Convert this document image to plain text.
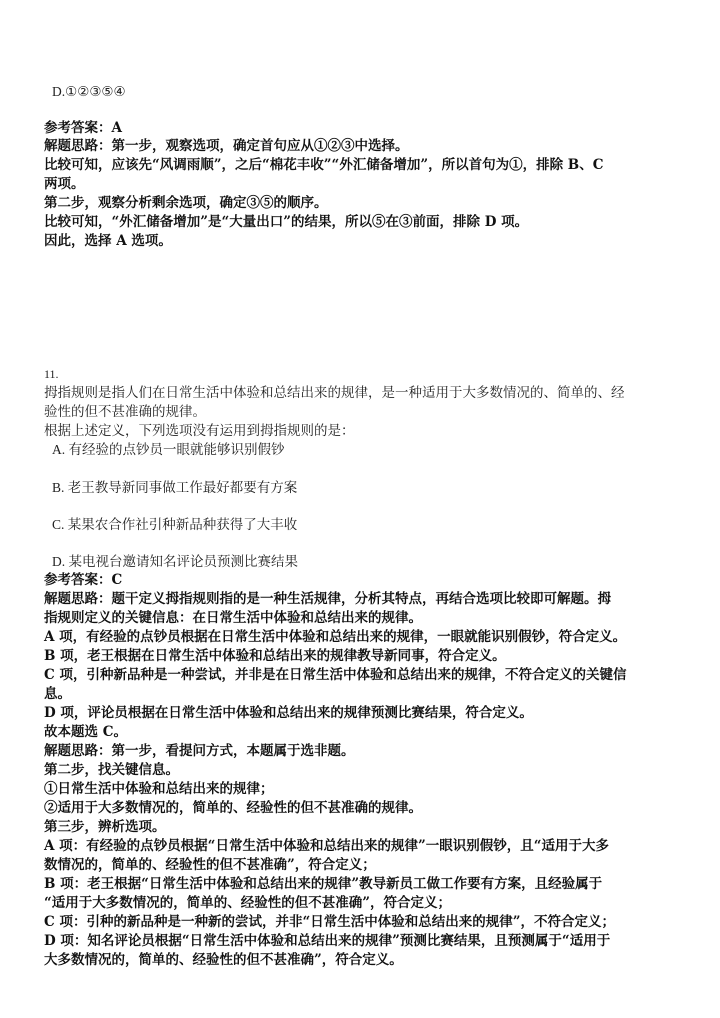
D.①②③⑤④
参考答案：A
解题思路：第一步，观察选项，确定首句应从①②③中选择。
比较可知，应该先“风调雨顺”，之后“棉花丰收”“外汇储备增加”，所以首句为①，排除 B、C
两项。
第二步，观察分析剩余选项，确定③⑤的顺序。
比较可知，“外汇储备增加”是“大量出口”的结果，所以⑤在③前面，排除 D 项。
因此，选择 A 选项。
11.
拇指规则是指人们在日常生活中体验和总结出来的规律，是一种适用于大多数情况的、简单的、经
验性的但不甚准确的规律。
根据上述定义，下列选项没有运用到拇指规则的是：
A. 有经验的点钞员一眼就能够识别假钞
B. 老王教导新同事做工作最好都要有方案
C. 某果农合作社引种新品种获得了大丰收
D. 某电视台邀请知名评论员预测比赛结果
参考答案：C
解题思路：题干定义拇指规则指的是一种生活规律，分析其特点，再结合选项比较即可解题。拇
指规则定义的关键信息：在日常生活中体验和总结出来的规律。
A 项，有经验的点钞员根据在日常生活中体验和总结出来的规律，一眼就能识别假钞，符合定义。
B 项，老王根据在日常生活中体验和总结出来的规律教导新同事，符合定义。
C 项，引种新品种是一种尝试，并非是在日常生活中体验和总结出来的规律，不符合定义的关键信
息。
D 项，评论员根据在日常生活中体验和总结出来的规律预测比赛结果，符合定义。
故本题选 C。
解题思路：第一步，看提问方式，本题属于选非题。
第二步，找关键信息。
①日常生活中体验和总结出来的规律；
②适用于大多数情况的，简单的、经验性的但不甚准确的规律。
第三步，辨析选项。
A 项：有经验的点钞员根据“日常生活中体验和总结出来的规律”一眼识别假钞，且“适用于大多
数情况的，简单的、经验性的但不甚准确”，符合定义；
B 项：老王根据“日常生活中体验和总结出来的规律”教导新员工做工作要有方案，且经验属于
“适用于大多数情况的，简单的、经验性的但不甚准确”，符合定义；
C 项：引种的新品种是一种新的尝试，并非“日常生活中体验和总结出来的规律”，不符合定义；
D 项：知名评论员根据“日常生活中体验和总结出来的规律”预测比赛结果，且预测属于“适用于
大多数情况的，简单的、经验性的但不甚准确”，符合定义。
